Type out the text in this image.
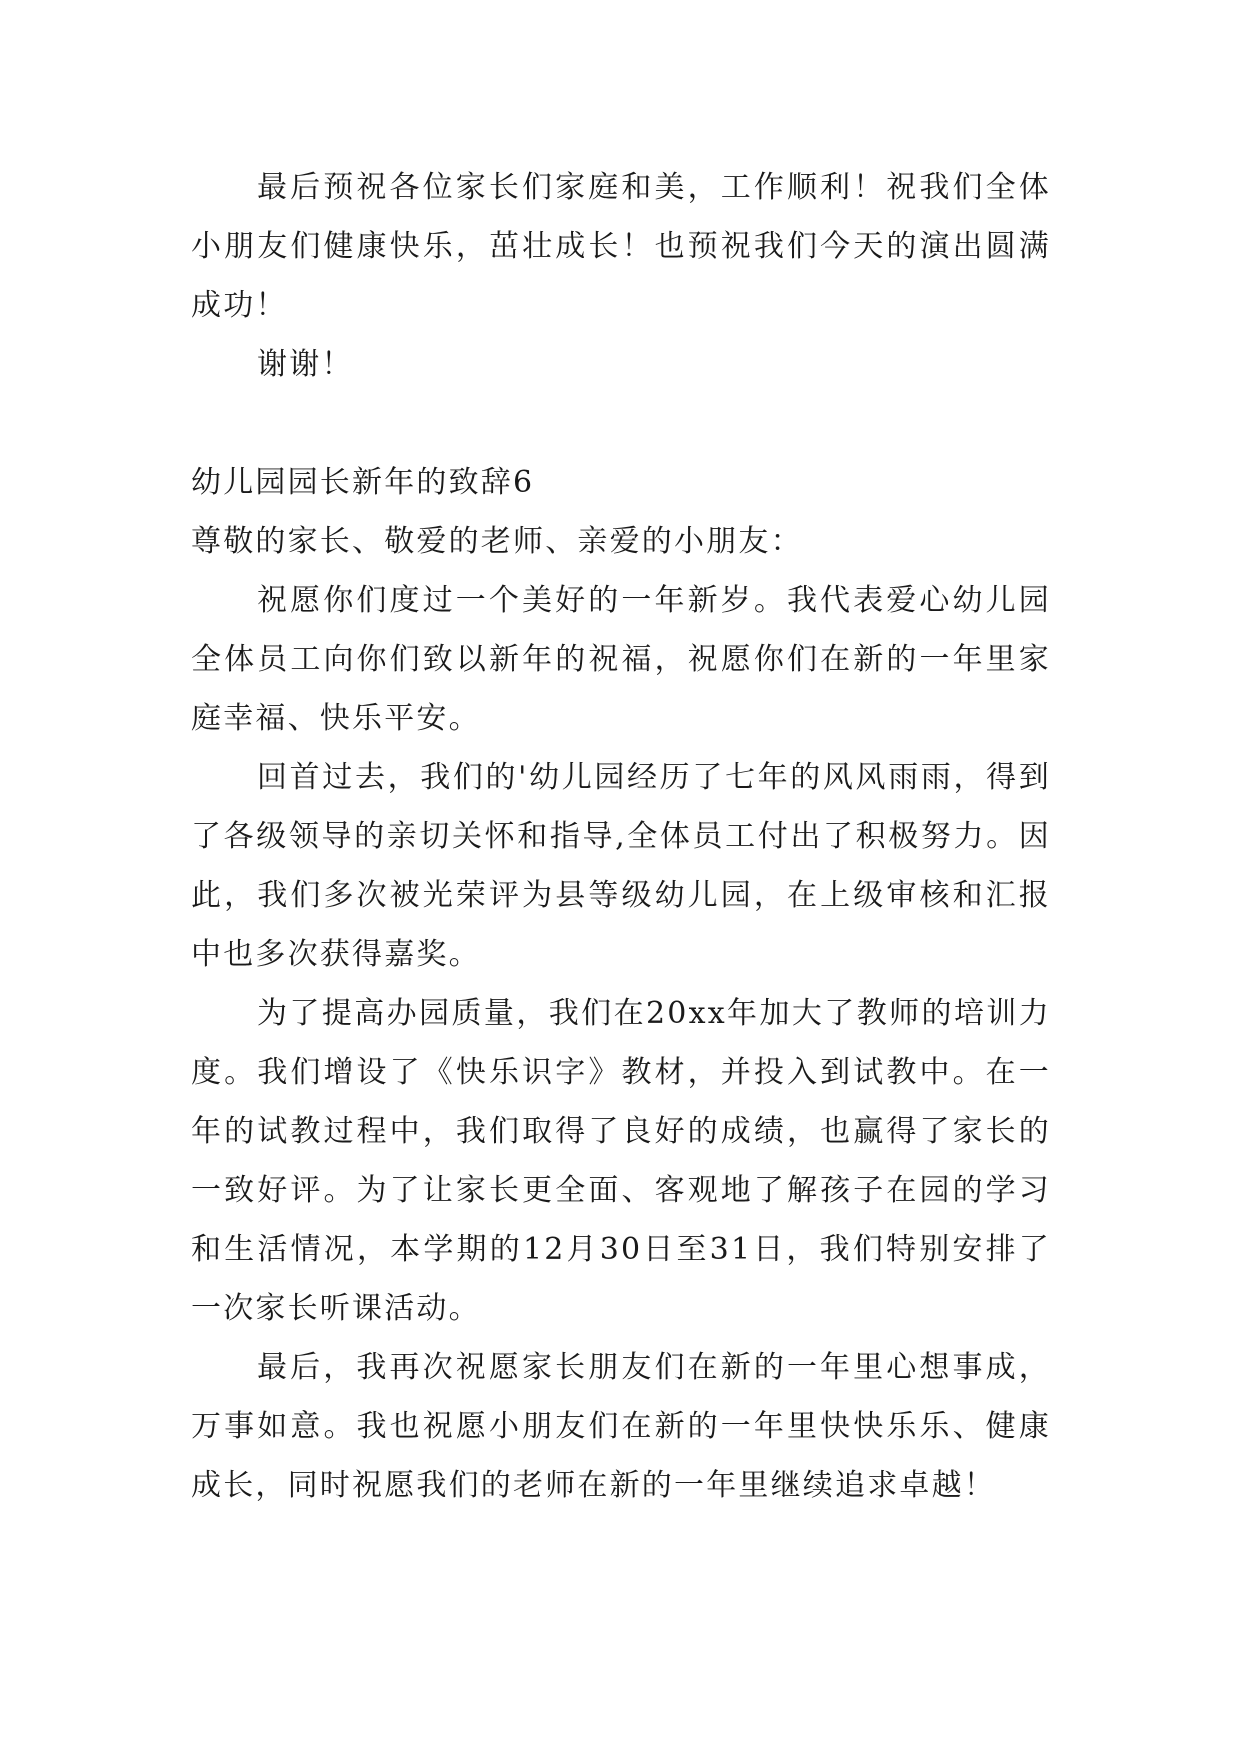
最后预祝各位家长们家庭和美，工作顺利！祝我们全体小朋友们健康快乐，茁壮成长！也预祝我们今天的演出圆满成功！

谢谢！

幼儿园园长新年的致辞6

尊敬的家长、敬爱的老师、亲爱的小朋友：

祝愿你们度过一个美好的一年新岁。我代表爱心幼儿园全体员工向你们致以新年的祝福，祝愿你们在新的一年里家庭幸福、快乐平安。

回首过去，我们的'幼儿园经历了七年的风风雨雨，得到了各级领导的亲切关怀和指导,全体员工付出了积极努力。因此，我们多次被光荣评为县等级幼儿园，在上级审核和汇报中也多次获得嘉奖。

为了提高办园质量，我们在20xx年加大了教师的培训力度。我们增设了《快乐识字》教材，并投入到试教中。在一年的试教过程中，我们取得了良好的成绩，也赢得了家长的一致好评。为了让家长更全面、客观地了解孩子在园的学习和生活情况，本学期的12月30日至31日，我们特别安排了一次家长听课活动。

最后，我再次祝愿家长朋友们在新的一年里心想事成，万事如意。我也祝愿小朋友们在新的一年里快快乐乐、健康成长，同时祝愿我们的老师在新的一年里继续追求卓越！
